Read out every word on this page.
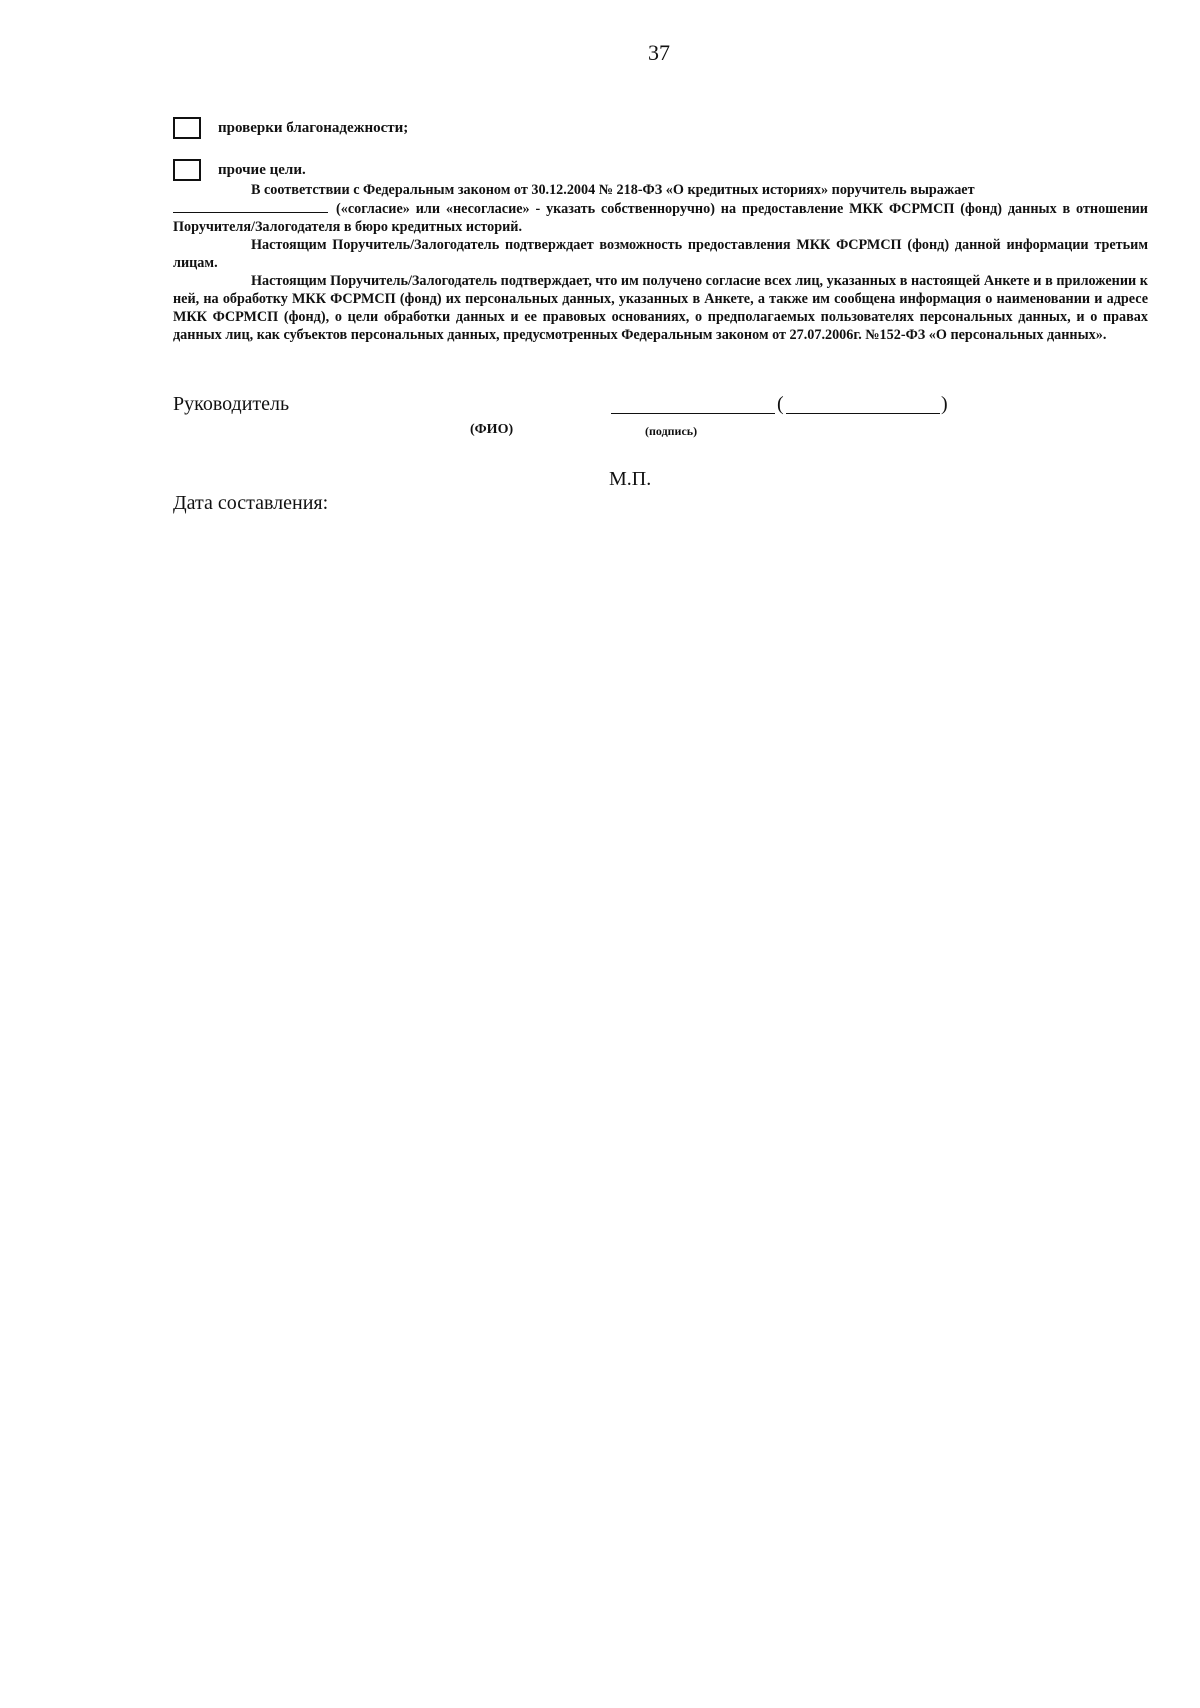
37
проверки благонадежности;
прочие цели.

В соответствии с Федеральным законом от 30.12.2004 № 218-ФЗ «О кредитных историях» поручитель выражает

(«согласие» или «несогласие» - указать собственноручно) на предоставление МКК ФСРМСП (фонд) данных в отношении Поручителя/Залогодателя в бюро кредитных историй.

Настоящим Поручитель/Залогодатель подтверждает возможность предоставления МКК ФСРМСП (фонд) данной информации третьим лицам.

Настоящим Поручитель/Залогодатель подтверждает, что им получено согласие всех лиц, указанных в настоящей Анкете и в приложении к ней, на обработку МКК ФСРМСП (фонд) их персональных данных, указанных в Анкете, а также им сообщена информация о наименовании и адресе МКК ФСРМСП (фонд), о цели обработки данных и ее правовых основаниях, о предполагаемых пользователях персональных данных, и о правах данных лиц, как субъектов персональных данных, предусмотренных Федеральным законом от 27.07.2006г. №152-ФЗ «О персональных данных».

Руководитель	(	)
(ФИО)	(подпись)
М.П.
Дата составления:
